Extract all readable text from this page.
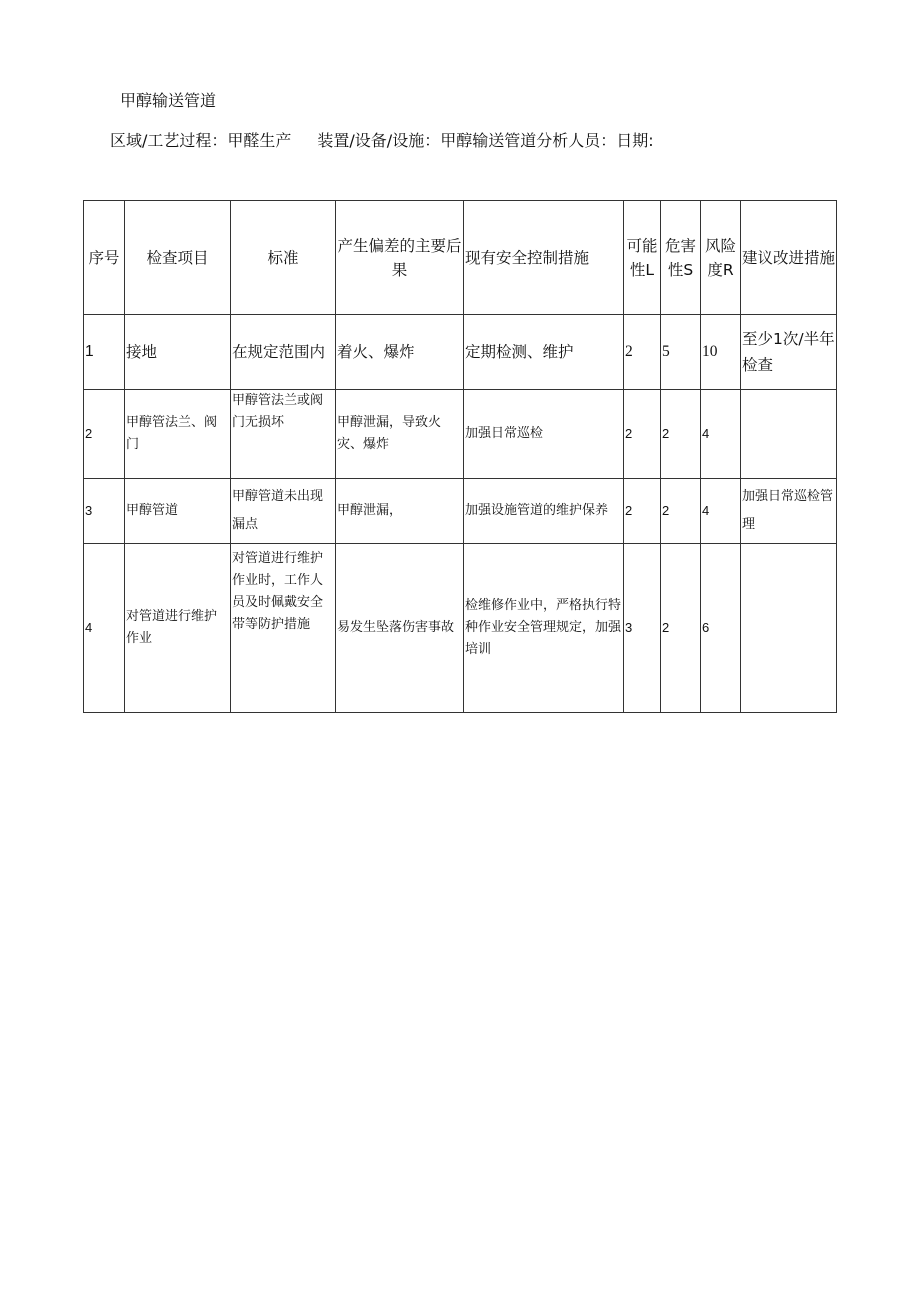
甲醇输送管道
区域/工艺过程：甲醛生产 装置/设备/设施：甲醇输送管道分析人员：日期:
序号	检查项目	标准	产生偏差的主要后果	现有安全控制措施	可能性L	危害性S	风险度R	建议改进措施
1	接地	在规定范围内	着火、爆炸	定期检测、维护	2	5	10	至少1次/半年检查
2	甲醇管法兰、阀门	甲醇管法兰或阀门无损坏	甲醇泄漏，导致火灾、爆炸	加强日常巡检	2	2	4	
3	甲醇管道	甲醇管道未出现漏点	甲醇泄漏，	加强设施管道的维护保养	2	2	4	加强日常巡检管理
4	对管道进行维护作业	对管道进行维护作业时，工作人员及时佩戴安全带等防护措施	易发生坠落伤害事故	检维修作业中，严格执行特种作业安全管理规定，加强培训	3	2	6	
